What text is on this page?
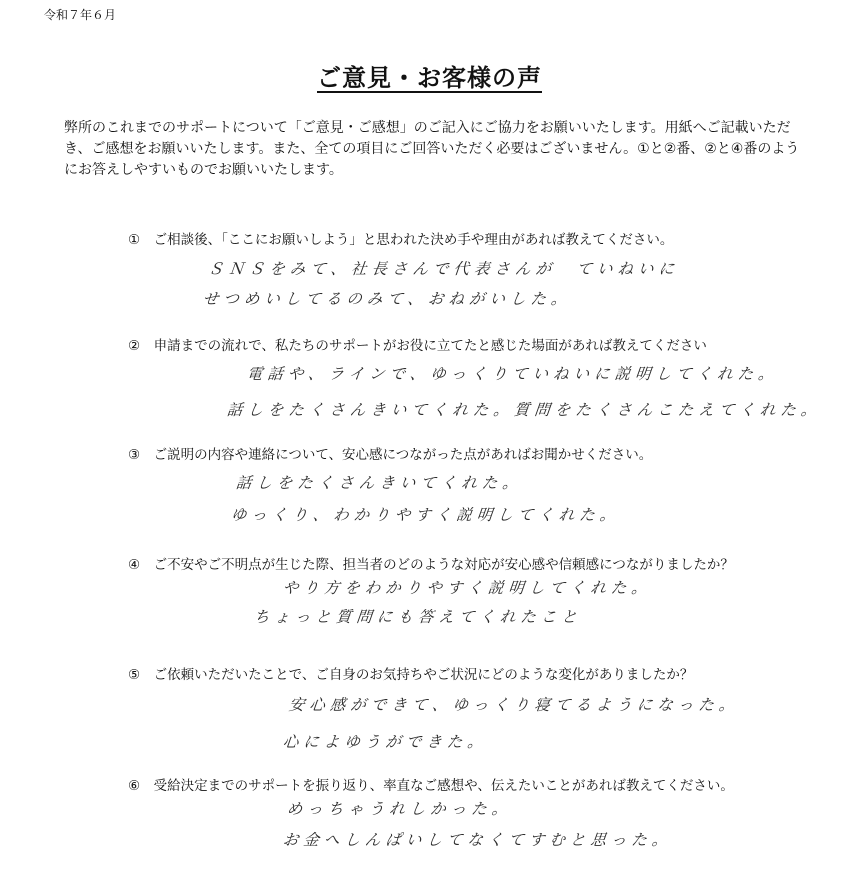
令和７年６月
ご意見・お客様の声
弊所のこれまでのサポートについて「ご意見・ご感想」のご記入にご協力をお願いいたします。用紙へご記載いただき、ご感想をお願いいたします。また、全ての項目にご回答いただく必要はございません。①と②番、②と④番のようにお答えしやすいものでお願いいたします。
①　ご相談後、「ここにお願いしよう」と思われた決め手や理由があれば教えてください。
ＳＮＳをみて、社長さんで代表さんが　ていねいに
せつめいしてるのみて、おねがいした。
②　申請までの流れで、私たちのサポートがお役に立てたと感じた場面があれば教えてください
電話や、ラインで、ゆっくりていねいに説明してくれた。
話しをたくさんきいてくれた。質問をたくさんこたえてくれた。
③　ご説明の内容や連絡について、安心感につながった点があればお聞かせください。
話しをたくさんきいてくれた。
ゆっくり、わかりやすく説明してくれた。
④　ご不安やご不明点が生じた際、担当者のどのような対応が安心感や信頼感につながりましたか？
やり方をわかりやすく説明してくれた。
ちょっと質問にも答えてくれたこと
⑤　ご依頼いただいたことで、ご自身のお気持ちやご状況にどのような変化がありましたか？
安心感ができて、ゆっくり寝てるようになった。
心によゆうができた。
⑥　受給決定までのサポートを振り返り、率直なご感想や、伝えたいことがあれば教えてください。
めっちゃうれしかった。
お金へしんぱいしてなくてすむと思った。
